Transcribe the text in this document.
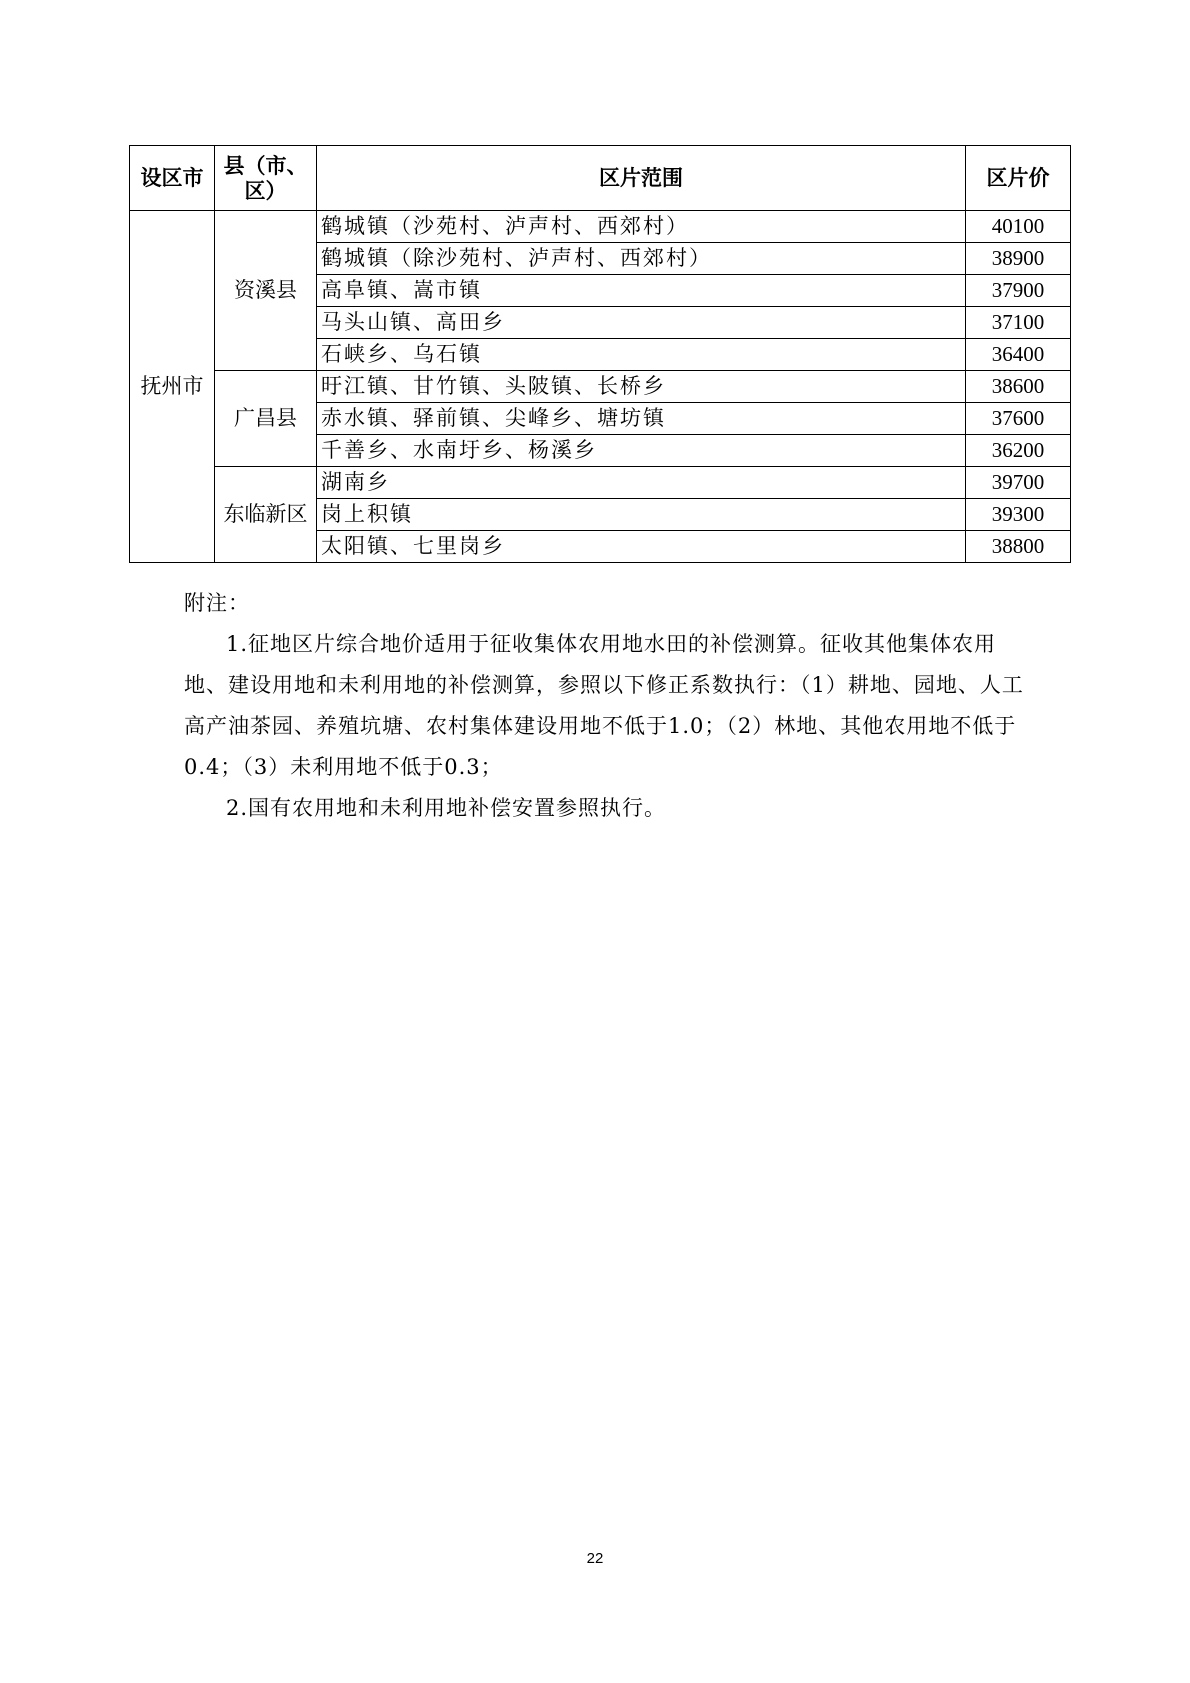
设区市	县（市、区）	区片范围	区片价
抚州市	资溪县	鹤城镇（沙苑村、泸声村、西郊村）	40100
		鹤城镇（除沙苑村、泸声村、西郊村）	38900
		高阜镇、嵩市镇	37900
		马头山镇、高田乡	37100
		石峡乡、乌石镇	36400
	广昌县	旴江镇、甘竹镇、头陂镇、长桥乡	38600
		赤水镇、驿前镇、尖峰乡、塘坊镇	37600
		千善乡、水南圩乡、杨溪乡	36200
	东临新区	湖南乡	39700
		岗上积镇	39300
		太阳镇、七里岗乡	38800

附注：

1.征地区片综合地价适用于征收集体农用地水田的补偿测算。征收其他集体农用地、建设用地和未利用地的补偿测算，参照以下修正系数执行：（1）耕地、园地、人工高产油茶园、养殖坑塘、农村集体建设用地不低于1.0；（2）林地、其他农用地不低于0.4；（3）未利用地不低于0.3；

2.国有农用地和未利用地补偿安置参照执行。

22
